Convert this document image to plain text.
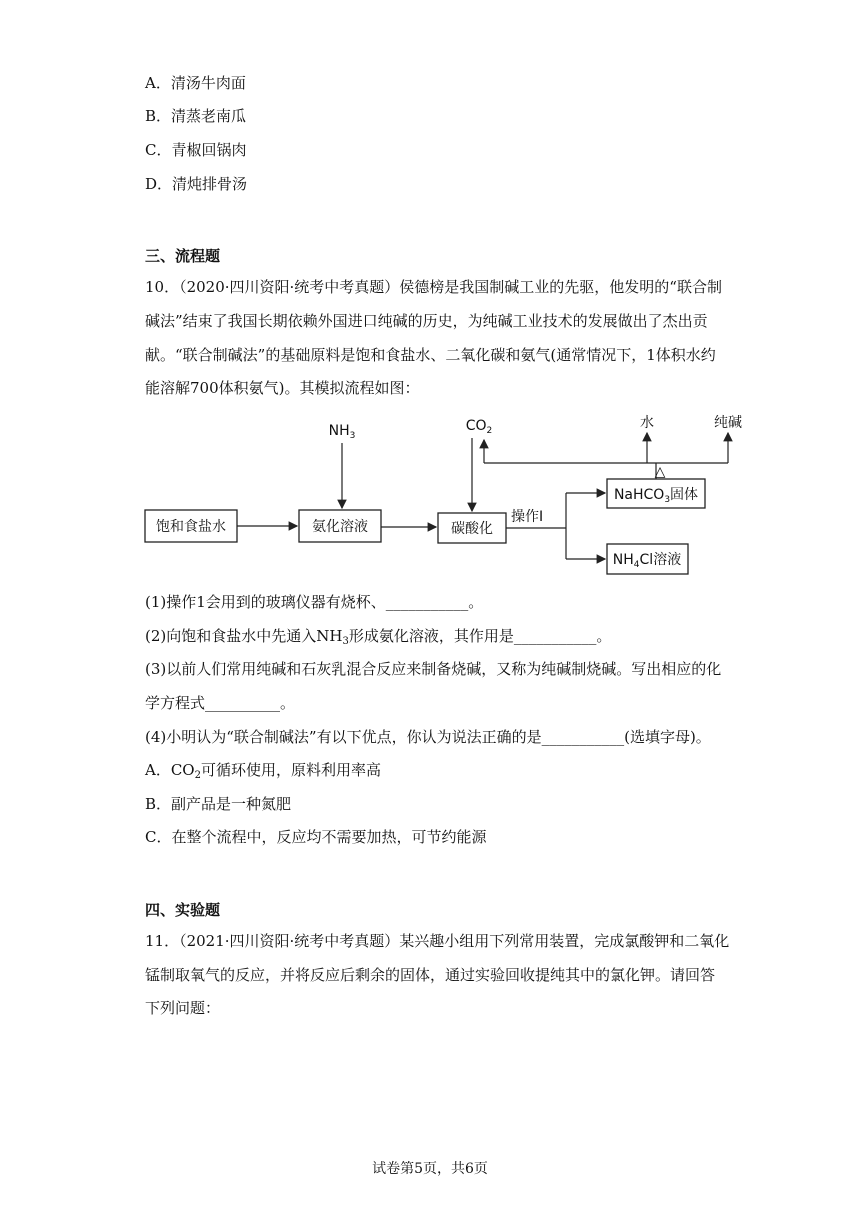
A．清汤牛肉面
B．清蒸老南瓜
C．青椒回锅肉
D．清炖排骨汤
三、流程题
10．（2020·四川资阳·统考中考真题）侯德榜是我国制碱工业的先驱，他发明的“联合制
碱法”结束了我国长期依赖外国进口纯碱的历史，为纯碱工业技术的发展做出了杰出贡
献。“联合制碱法”的基础原料是饱和食盐水、二氧化碳和氨气(通常情况下，1体积水约
能溶解700体积氨气)。其模拟流程如图：
饱和食盐水	氨化溶液	碳酸化
NaHCO$_3$固体
$NH_4Cl$溶液
操作Ⅰ
$NH_3$
$CO_2$
△
水	纯碱
(1)操作1会用到的玻璃仪器有烧杯、___________。
(2)向饱和食盐水中先通入$NH_3$形成氨化溶液，其作用是___________。
(3)以前人们常用纯碱和石灰乳混合反应来制备烧碱，又称为纯碱制烧碱。写出相应的化
学方程式__________。
(4)小明认为“联合制碱法”有以下优点，你认为说法正确的是___________(选填字母)。
A．$CO_2$可循环使用，原料利用率高
B．副产品是一种氮肥
C．在整个流程中，反应均不需要加热，可节约能源
四、实验题
11．（2021·四川资阳·统考中考真题）某兴趣小组用下列常用装置，完成氯酸钾和二氧化
锰制取氧气的反应，并将反应后剩余的固体，通过实验回收提纯其中的氯化钾。请回答
下列问题：
试卷第5页，共6页
